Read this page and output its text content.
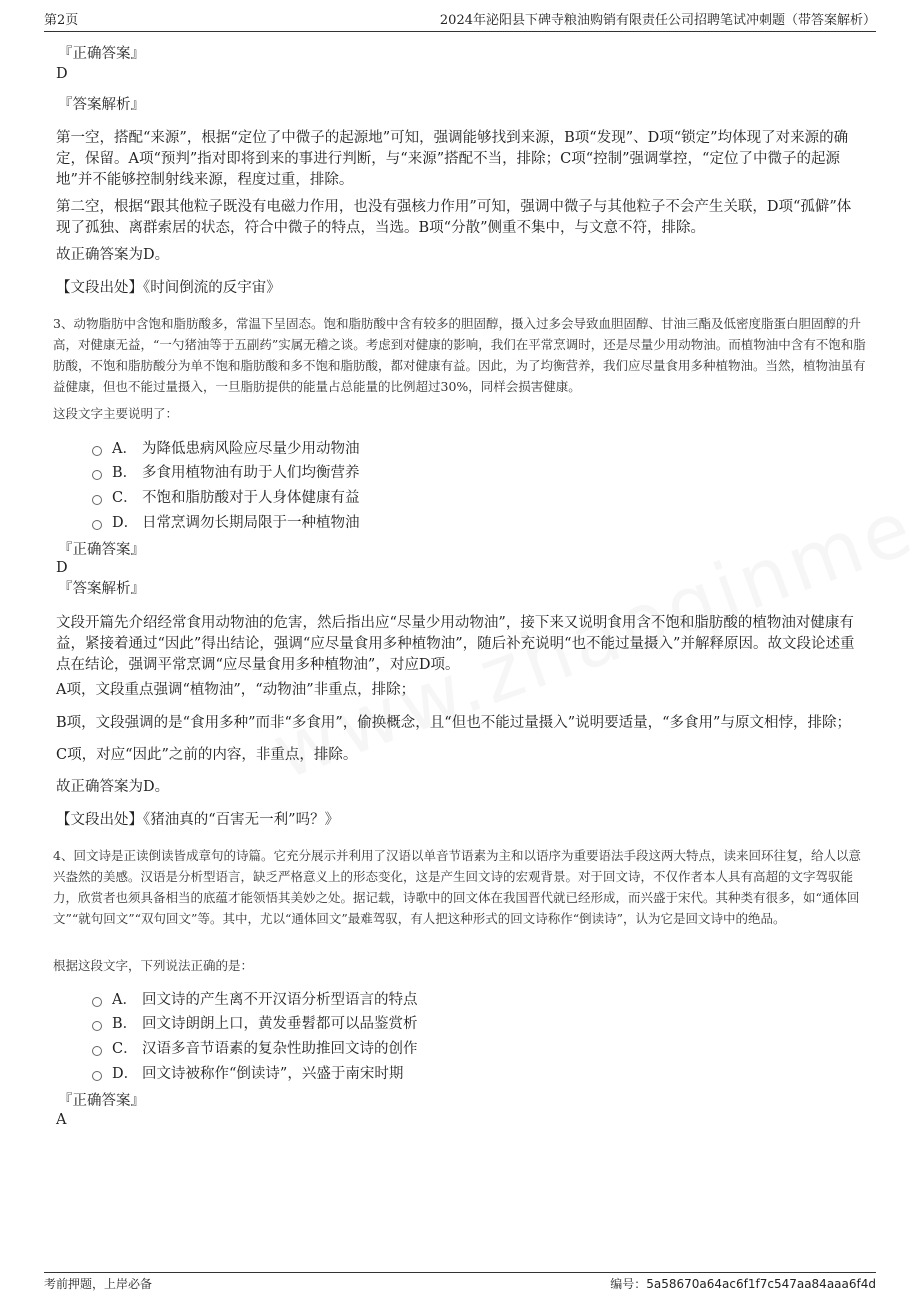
第2页	2024年泌阳县下碑寺粮油购销有限责任公司招聘笔试冲刺题（带答案解析）
『正确答案』
D
『答案解析』

第一空，搭配“来源”，根据“定位了中微子的起源地”可知，强调能够找到来源，B项“发现”、D项“锁定”均体现了对来源的确定，保留。A项“预判”指对即将到来的事进行判断，与“来源”搭配不当，排除；C项“控制”强调掌控，“定位了中微子的起源地”并不能够控制射线来源，程度过重，排除。

第二空，根据“跟其他粒子既没有电磁力作用，也没有强核力作用”可知，强调中微子与其他粒子不会产生关联，D项“孤僻”体现了孤独、离群索居的状态，符合中微子的特点，当选。B项“分散”侧重不集中，与文意不符，排除。

故正确答案为D。

【文段出处】《时间倒流的反宇宙》

3、动物脂肪中含饱和脂肪酸多，常温下呈固态。饱和脂肪酸中含有较多的胆固醇，摄入过多会导致血胆固醇、甘油三酯及低密度脂蛋白胆固醇的升高，对健康无益，“一勺猪油等于五副药”实属无稽之谈。考虑到对健康的影响，我们在平常烹调时，还是尽量少用动物油。而植物油中含有不饱和脂肪酸，不饱和脂肪酸分为单不饱和脂肪酸和多不饱和脂肪酸，都对健康有益。因此，为了均衡营养，我们应尽量食用多种植物油。当然，植物油虽有益健康，但也不能过量摄入，一旦脂肪提供的能量占总能量的比例超过30%，同样会损害健康。

这段文字主要说明了：

A． 为降低患病风险应尽量少用动物油
B． 多食用植物油有助于人们均衡营养
C． 不饱和脂肪酸对于人身体健康有益
D． 日常烹调勿长期局限于一种植物油
『正确答案』
D
『答案解析』

文段开篇先介绍经常食用动物油的危害，然后指出应“尽量少用动物油”，接下来又说明食用含不饱和脂肪酸的植物油对健康有益，紧接着通过“因此”得出结论，强调“应尽量食用多种植物油”，随后补充说明“也不能过量摄入”并解释原因。故文段论述重点在结论，强调平常烹调“应尽量食用多种植物油”，对应D项。

A项，文段重点强调“植物油”，“动物油”非重点，排除；

B项，文段强调的是“食用多种”而非“多食用”，偷换概念，且“但也不能过量摄入”说明要适量，“多食用”与原文相悖，排除；

C项，对应“因此”之前的内容，非重点，排除。

故正确答案为D。

【文段出处】《猪油真的“百害无一利”吗？》

4、回文诗是正读倒读皆成章句的诗篇。它充分展示并利用了汉语以单音节语素为主和以语序为重要语法手段这两大特点，读来回环往复，给人以意兴盎然的美感。汉语是分析型语言，缺乏严格意义上的形态变化，这是产生回文诗的宏观背景。对于回文诗，不仅作者本人具有高超的文字驾驭能力，欣赏者也须具备相当的底蕴才能领悟其美妙之处。据记载，诗歌中的回文体在我国晋代就已经形成，而兴盛于宋代。其种类有很多，如“通体回文”“就句回文”“双句回文”等。其中，尤以“通体回文”最难驾驭，有人把这种形式的回文诗称作“倒读诗”，认为它是回文诗中的绝品。

根据这段文字，下列说法正确的是：

A． 回文诗的产生离不开汉语分析型语言的特点
B． 回文诗朗朗上口，黄发垂髫都可以品鉴赏析
C． 汉语多音节语素的复杂性助推回文诗的创作
D． 回文诗被称作“倒读诗”，兴盛于南宋时期
『正确答案』
A
考前押题，上岸必备	编号：5a58670a64ac6f1f7c547aa84aaa6f4d
